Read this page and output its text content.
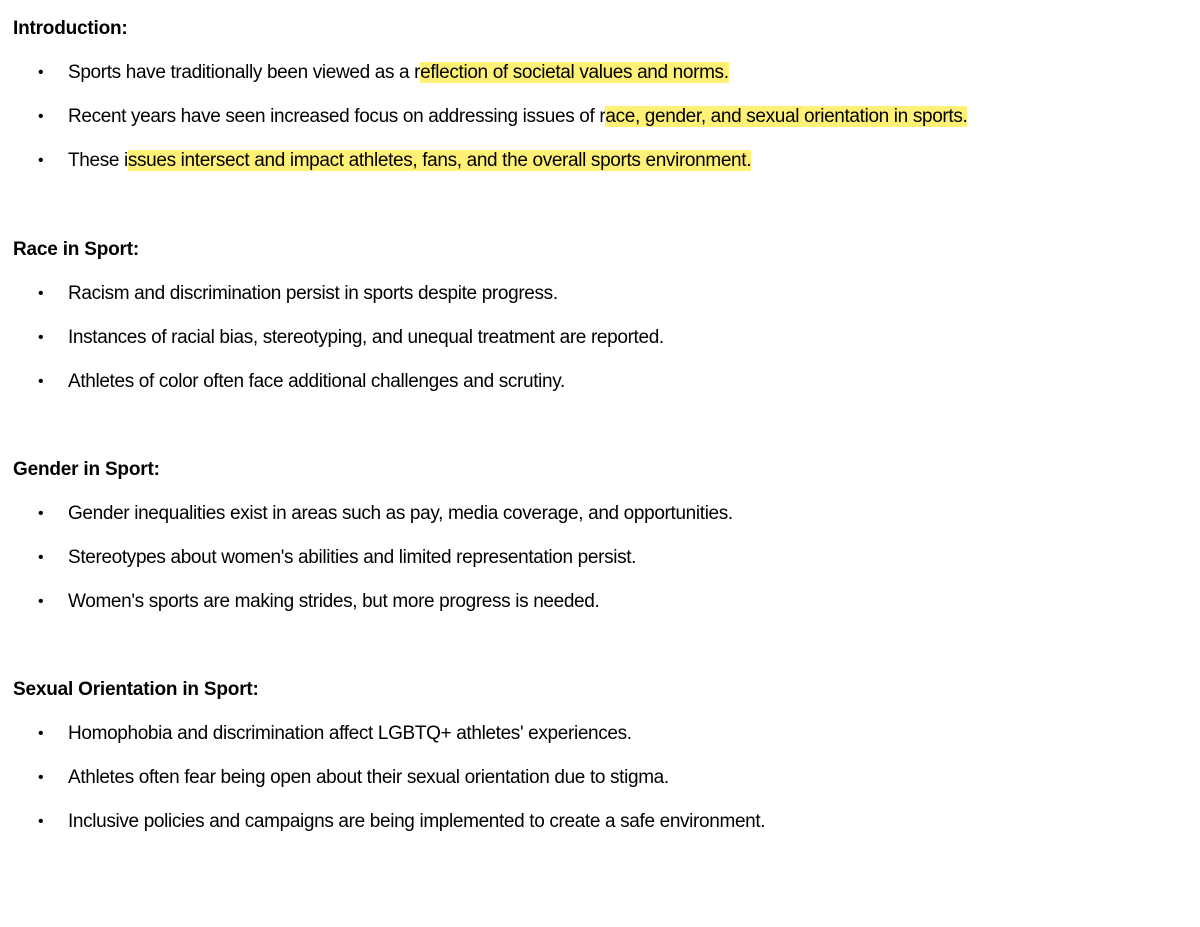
Introduction:
• Sports have traditionally been viewed as a reflection of societal values and norms.
• Recent years have seen increased focus on addressing issues of race, gender, and sexual orientation in sports.
• These issues intersect and impact athletes, fans, and the overall sports environment.
Race in Sport:
• Racism and discrimination persist in sports despite progress.
• Instances of racial bias, stereotyping, and unequal treatment are reported.
• Athletes of color often face additional challenges and scrutiny.
Gender in Sport:
• Gender inequalities exist in areas such as pay, media coverage, and opportunities.
• Stereotypes about women's abilities and limited representation persist.
• Women's sports are making strides, but more progress is needed.
Sexual Orientation in Sport:
• Homophobia and discrimination affect LGBTQ+ athletes' experiences.
• Athletes often fear being open about their sexual orientation due to stigma.
• Inclusive policies and campaigns are being implemented to create a safe environment.
